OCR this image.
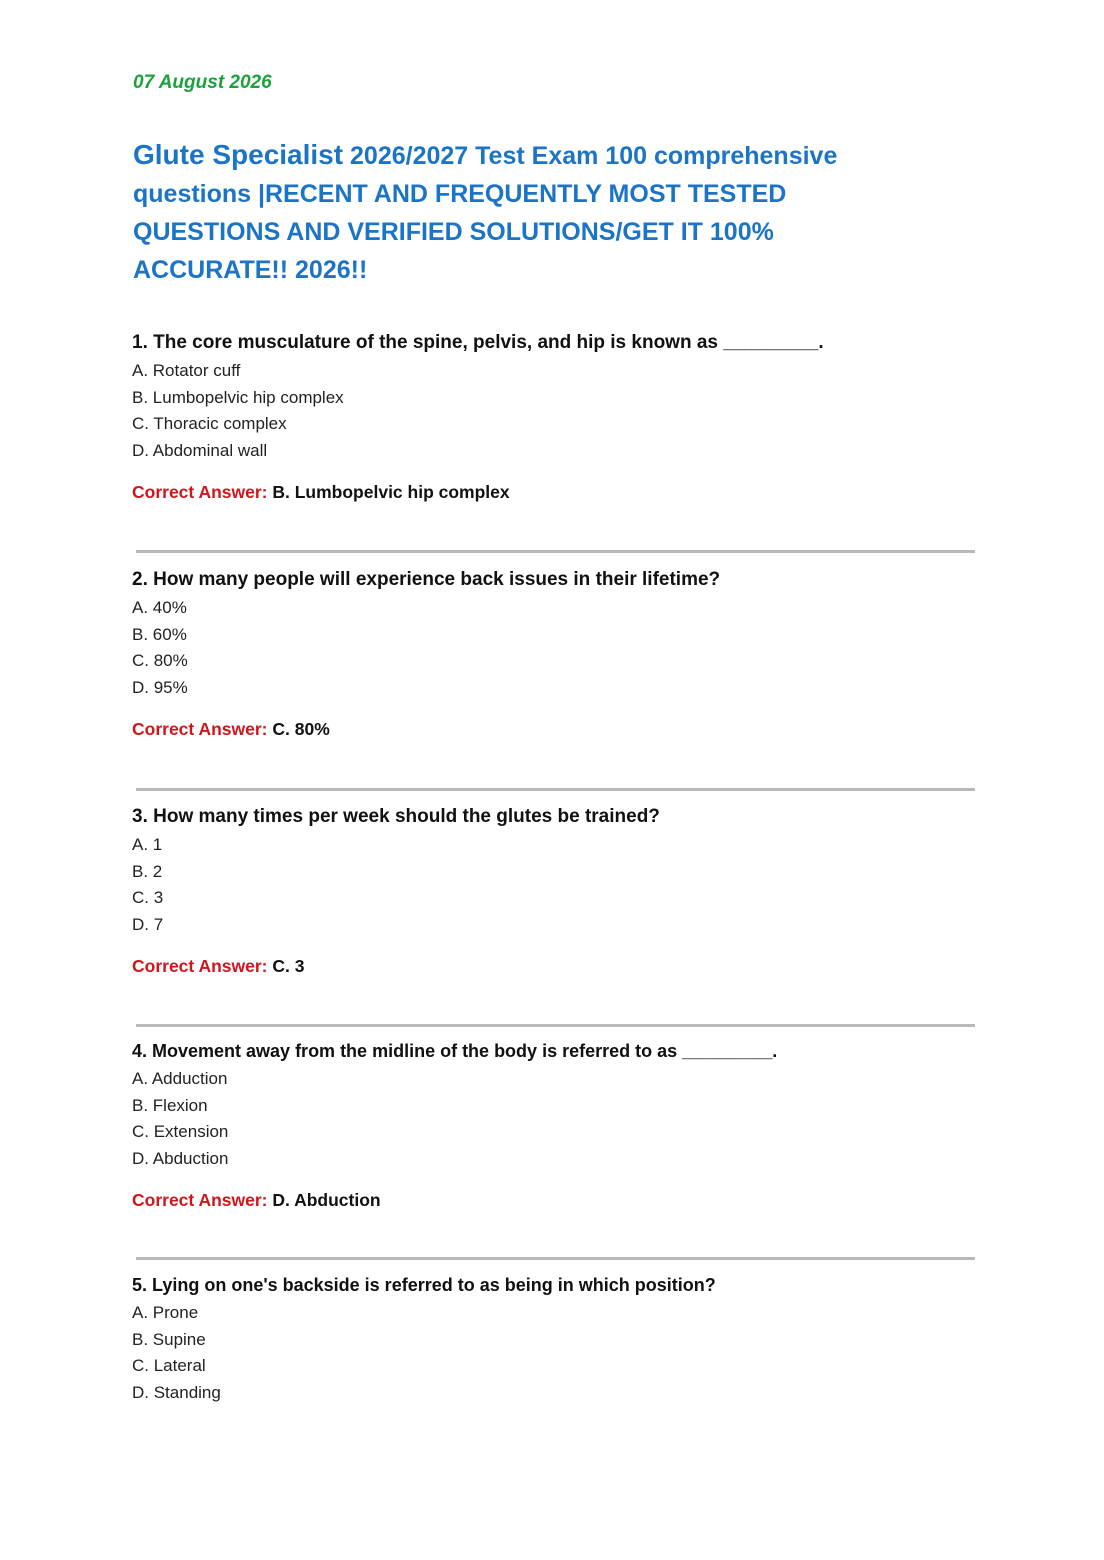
07 August 2026
Glute Specialist 2026/2027 Test Exam 100 comprehensive questions |RECENT AND FREQUENTLY MOST TESTED QUESTIONS AND VERIFIED SOLUTIONS/GET IT 100% ACCURATE!! 2026!!
1. The core musculature of the spine, pelvis, and hip is known as _________.
A. Rotator cuff
B. Lumbopelvic hip complex
C. Thoracic complex
D. Abdominal wall
Correct Answer: B. Lumbopelvic hip complex
2. How many people will experience back issues in their lifetime?
A. 40%
B. 60%
C. 80%
D. 95%
Correct Answer: C. 80%
3. How many times per week should the glutes be trained?
A. 1
B. 2
C. 3
D. 7
Correct Answer: C. 3
4. Movement away from the midline of the body is referred to as _________.
A. Adduction
B. Flexion
C. Extension
D. Abduction
Correct Answer: D. Abduction
5. Lying on one's backside is referred to as being in which position?
A. Prone
B. Supine
C. Lateral
D. Standing
